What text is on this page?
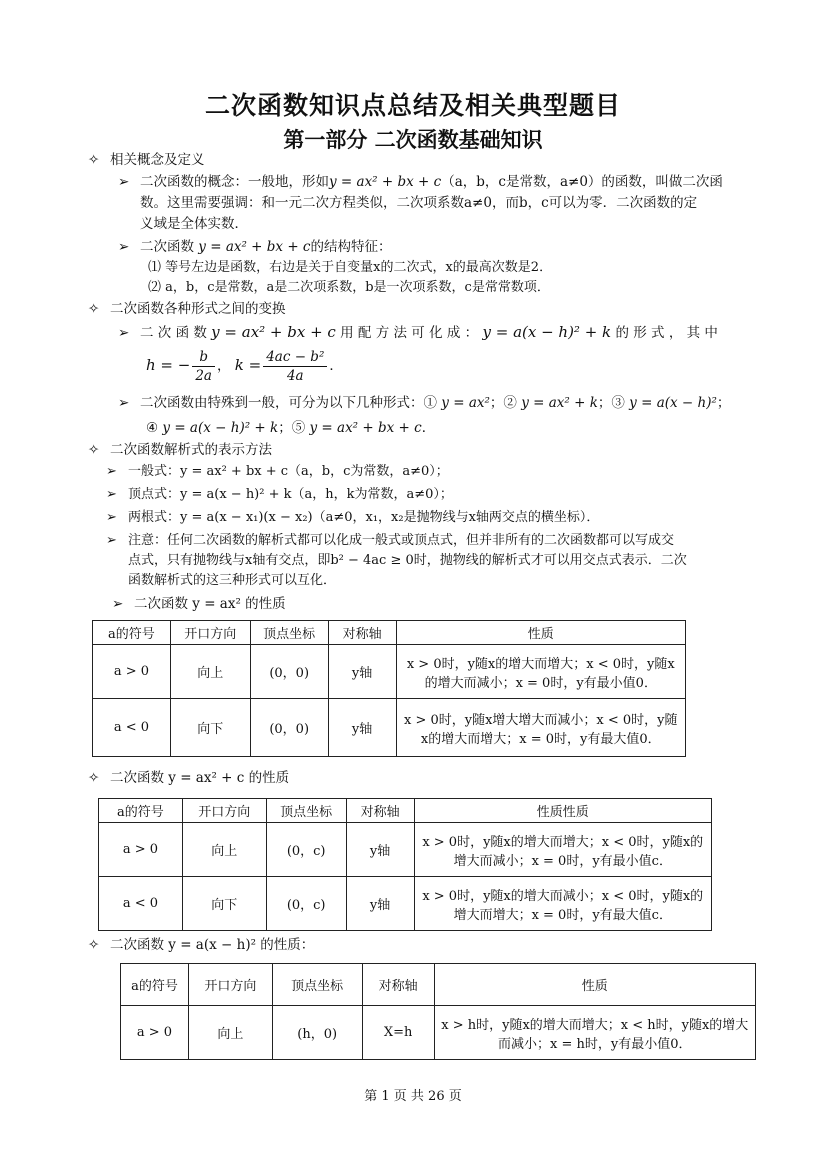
二次函数知识点总结及相关典型题目
第一部分 二次函数基础知识
✧ 相关概念及定义
➢ 二次函数的概念：一般地，形如y = ax² + bx + c（a，b，c是常数，a≠0）的函数，叫做二次函
数。这里需要强调：和一元二次方程类似，二次项系数a≠0，而b，c可以为零．二次函数的定
义域是全体实数．
➢ 二次函数 y = ax² + bx + c的结构特征：
⑴ 等号左边是函数，右边是关于自变量x的二次式，x的最高次数是2．
⑵ a，b，c是常数，a是二次项系数，b是一次项系数，c是常常数项．
✧ 二次函数各种形式之间的变换
➢ 二 次 函 数 y = ax² + bx + c 用 配 方 法 可 化 成 ： y = a(x − h)² + k 的 形 式 ， 其 中
h = − $\frac{b}{2a}$ ， $k = \frac{\text{4ac − b²}}{4a}$ ．
➢ 二次函数由特殊到一般，可分为以下几种形式：① y = ax²；② y = ax² + k；③ y = a(x − h)²；
④ y = a(x − h)² + k；⑤ y = ax² + bx + c．
✧ 二次函数解析式的表示方法
➢ 一般式：y = ax² + bx + c（a，b，c为常数，a≠0）；
➢ 顶点式：y = a(x − h)² + k（a，h，k为常数，a≠0）；
➢ 两根式：y = a(x − x₁)(x − x₂)（a≠0，x₁，x₂是抛物线与x轴两交点的横坐标）．
➢ 注意：任何二次函数的解析式都可以化成一般式或顶点式，但并非所有的二次函数都可以写成交
点式，只有抛物线与x轴有交点，即b² − 4ac ≥ 0时，抛物线的解析式才可以用交点式表示．二次
函数解析式的这三种形式可以互化．
➢ 二次函数 y = ax² 的性质
a的符号	开口方向	顶点坐标	对称轴	性质
a > 0	向上	(0，0)	y轴	x > 0时，y随x的增大而增大；x < 0时，y随x的增大而减小；x = 0时，y有最小值0．
a < 0	向下	(0，0)	y轴	x > 0时，y随x增大增大而减小；x < 0时，y随x的增大而增大；x = 0时，y有最大值0．
✧ 二次函数 y = ax² + c 的性质
a的符号	开口方向	顶点坐标	对称轴	性质性质
a > 0	向上	(0，c)	y轴	x > 0时，y随x的增大而增大；x < 0时，y随x的增大而减小；x = 0时，y有最小值c．
a < 0	向下	(0，c)	y轴	x > 0时，y随x的增大而减小；x < 0时，y随x的增大而增大；x = 0时，y有最大值c．
✧ 二次函数 y = a(x − h)² 的性质：
a的符号	开口方向	顶点坐标	对称轴	性质
a > 0	向上	(h，0)	X=h	x > h时，y随x的增大而增大；x < h时，y随x的增大而减小；x = h时，y有最小值0．
第 1 页 共 26 页
